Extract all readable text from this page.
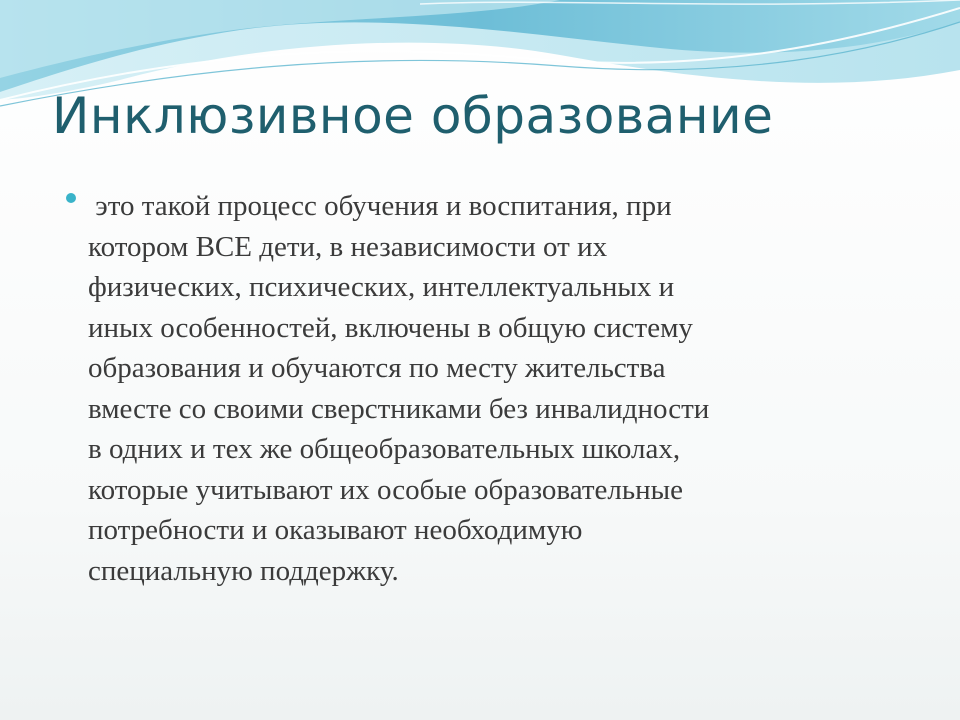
Инклюзивное образование
это такой процесс обучения и воспитания, при
котором ВСЕ дети, в независимости от их
физических, психических, интеллектуальных и
иных особенностей, включены в общую систему
образования и обучаются по месту жительства
вместе со своими сверстниками без инвалидности
в одних и тех же общеобразовательных школах,
которые учитывают их особые образовательные
потребности и оказывают необходимую
специальную поддержку.
